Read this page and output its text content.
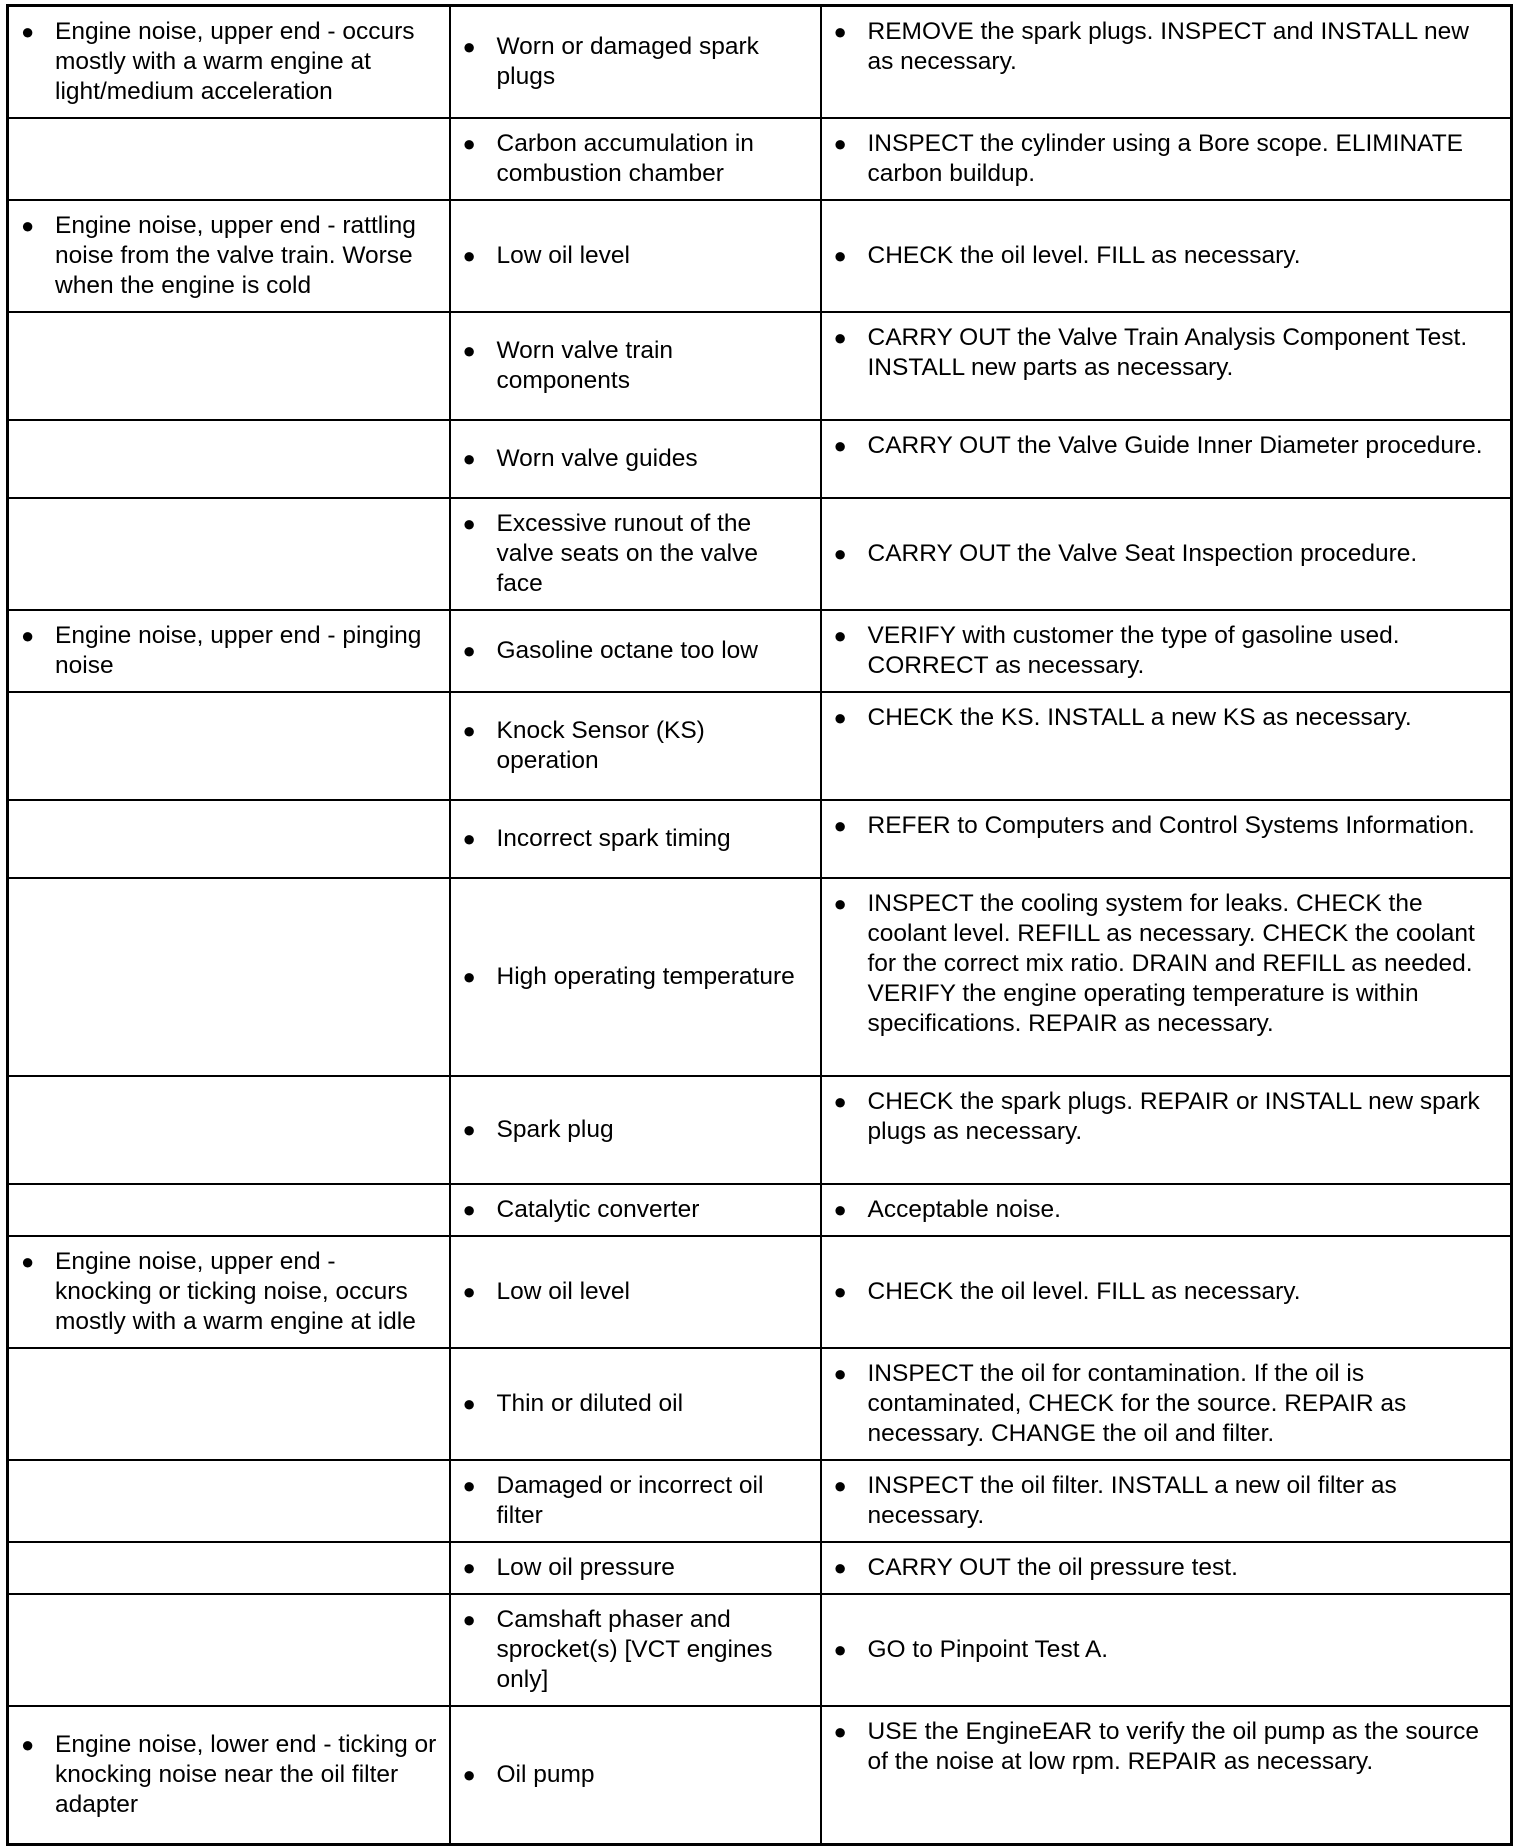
● Engine noise, upper end - occurs mostly with a warm engine at light/medium acceleration	● Worn or damaged spark plugs	● REMOVE the spark plugs. INSPECT and INSTALL new as necessary.

	● Carbon accumulation in combustion chamber	● INSPECT the cylinder using a Bore scope. ELIMINATE carbon buildup.

● Engine noise, upper end - rattling noise from the valve train. Worse when the engine is cold	● Low oil level	● CHECK the oil level. FILL as necessary.

	● Worn valve train components	● CARRY OUT the Valve Train Analysis Component Test. INSTALL new parts as necessary.

	● Worn valve guides	● CARRY OUT the Valve Guide Inner Diameter procedure.

	● Excessive runout of the valve seats on the valve face	● CARRY OUT the Valve Seat Inspection procedure.

● Engine noise, upper end - pinging noise	● Gasoline octane too low	● VERIFY with customer the type of gasoline used. CORRECT as necessary.

	● Knock Sensor (KS) operation	● CHECK the KS. INSTALL a new KS as necessary.

	● Incorrect spark timing	● REFER to Computers and Control Systems Information.

	● High operating temperature	● INSPECT the cooling system for leaks. CHECK the coolant level. REFILL as necessary. CHECK the coolant for the correct mix ratio. DRAIN and REFILL as needed. VERIFY the engine operating temperature is within specifications. REPAIR as necessary.

	● Spark plug	● CHECK the spark plugs. REPAIR or INSTALL new spark plugs as necessary.

	● Catalytic converter	● Acceptable noise.

● Engine noise, upper end - knocking or ticking noise, occurs mostly with a warm engine at idle	● Low oil level	● CHECK the oil level. FILL as necessary.

	● Thin or diluted oil	● INSPECT the oil for contamination. If the oil is contaminated, CHECK for the source. REPAIR as necessary. CHANGE the oil and filter.

	● Damaged or incorrect oil filter	● INSPECT the oil filter. INSTALL a new oil filter as necessary.

	● Low oil pressure	● CARRY OUT the oil pressure test.

	● Camshaft phaser and sprocket(s) [VCT engines only]	● GO to Pinpoint Test A.

● Engine noise, lower end - ticking or knocking noise near the oil filter adapter	● Oil pump	● USE the EngineEAR to verify the oil pump as the source of the noise at low rpm. REPAIR as necessary.
